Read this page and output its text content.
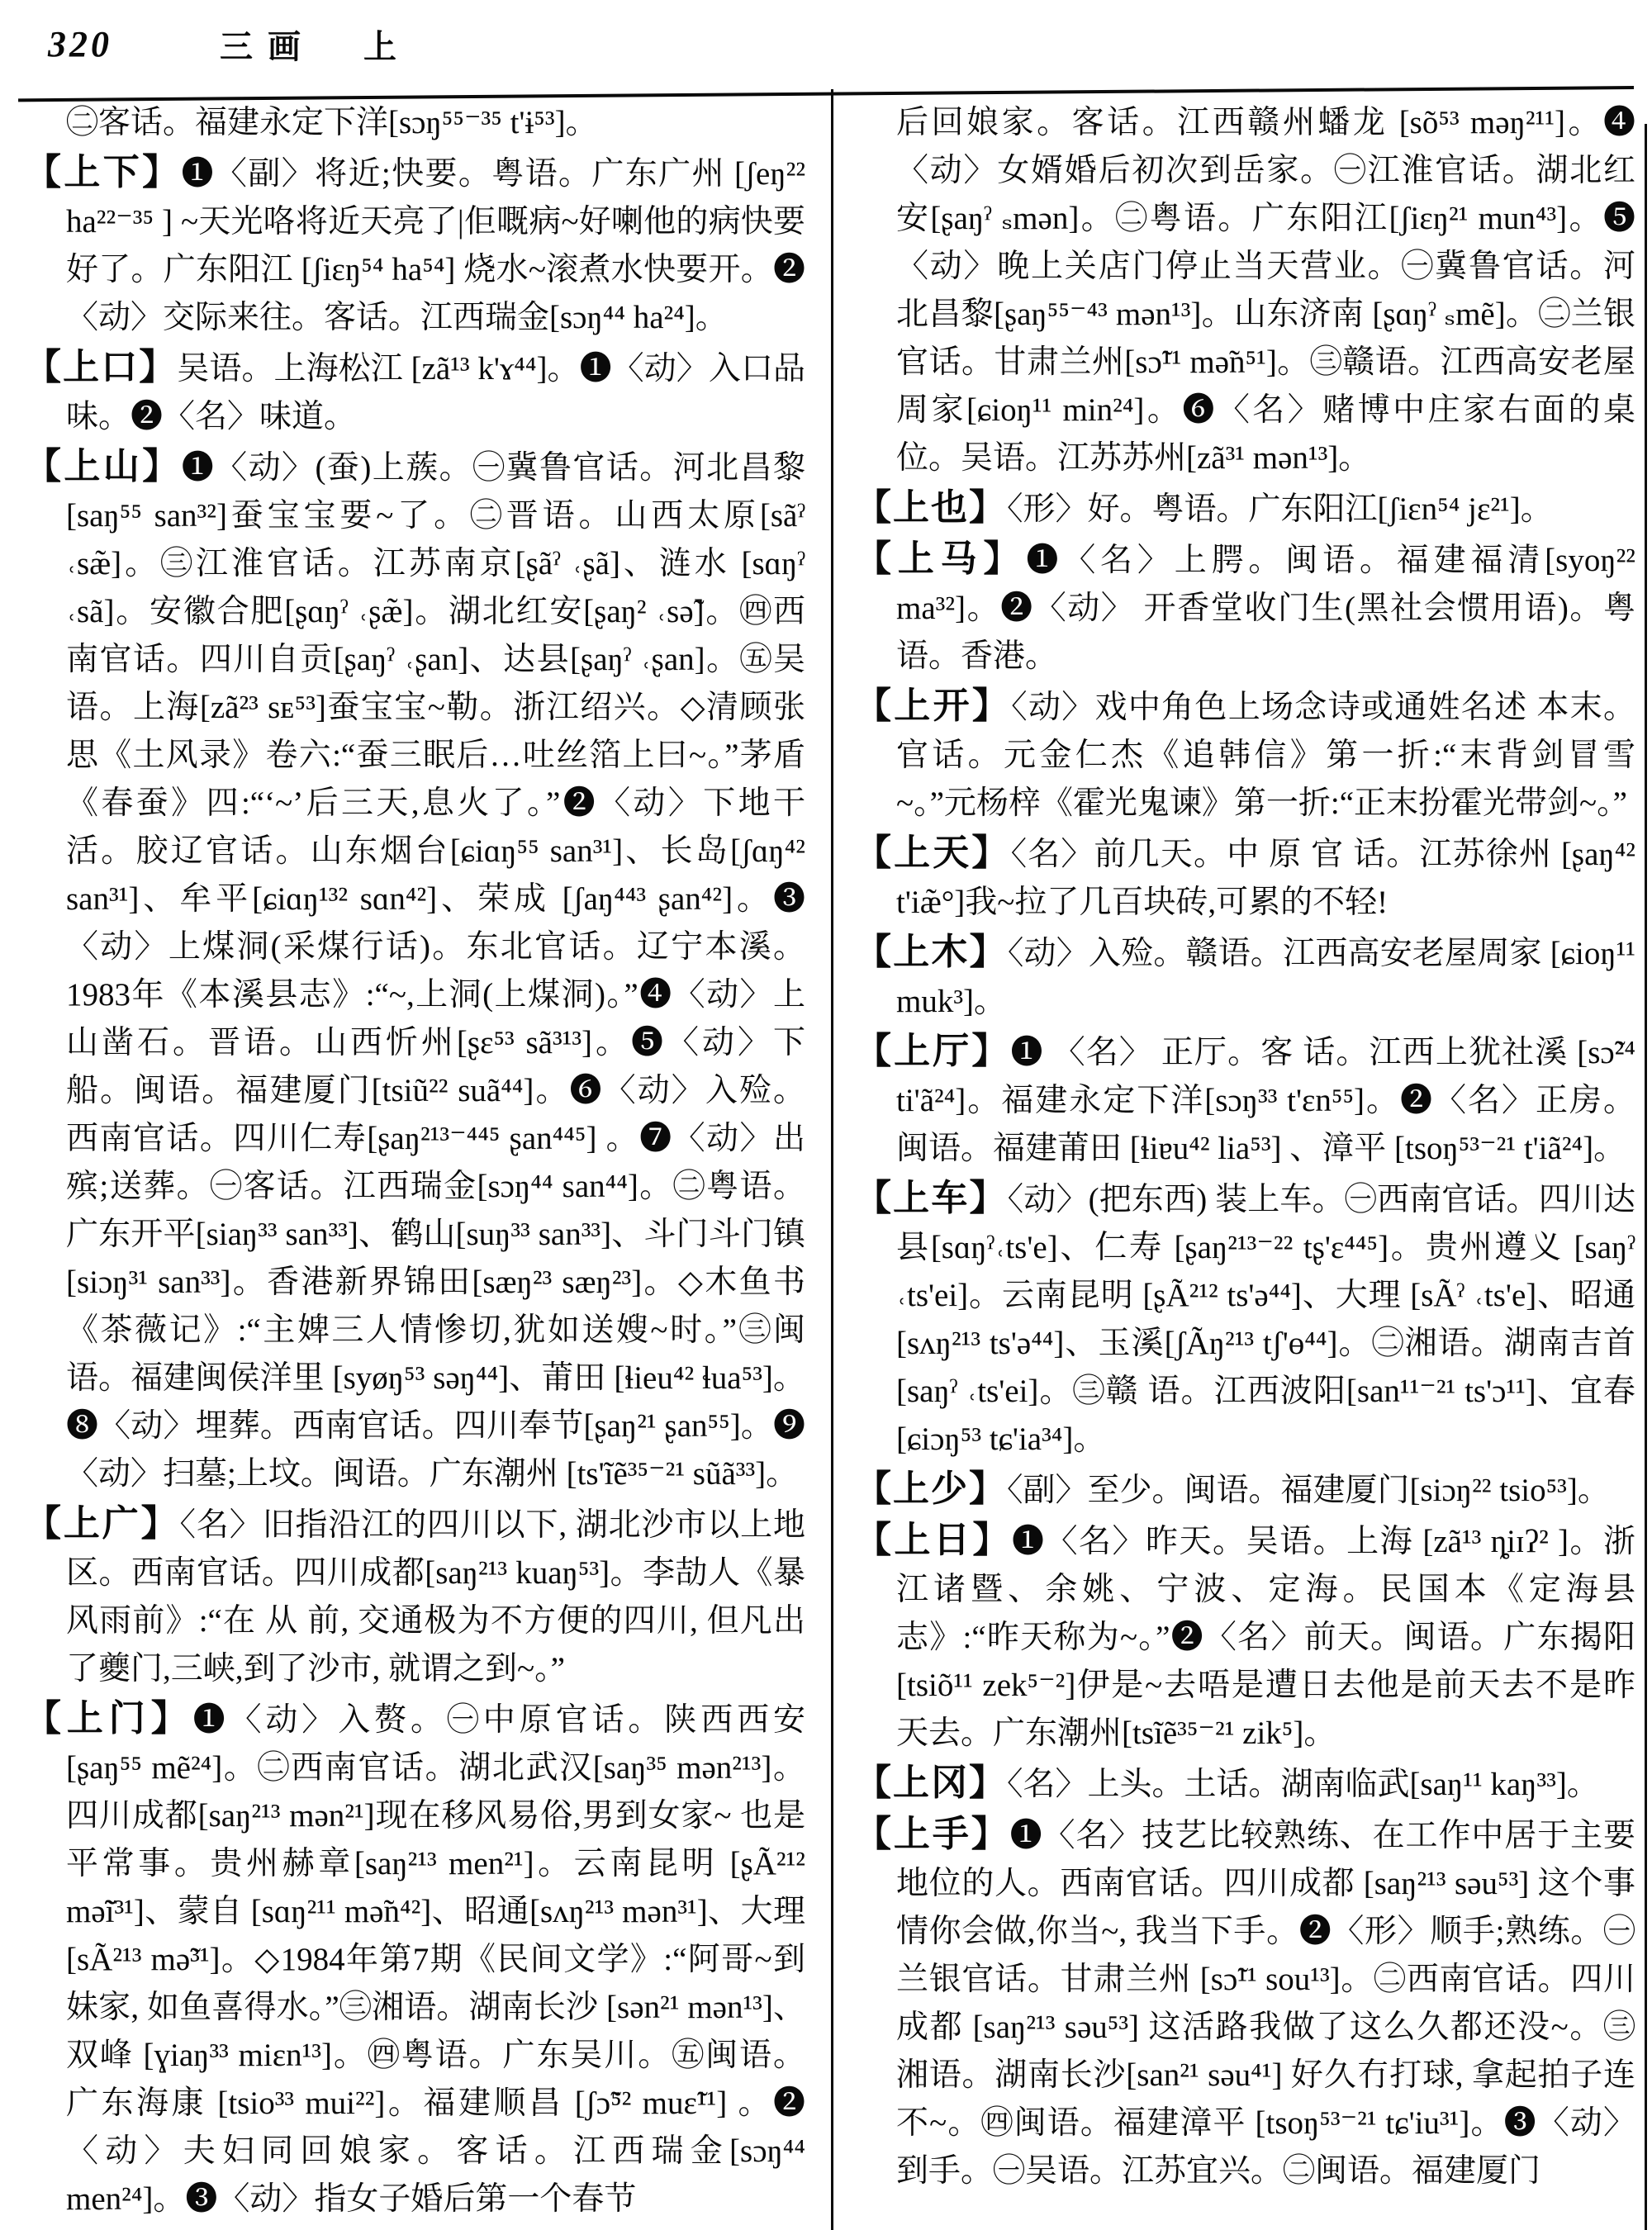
320	三画　上

㊁客话。福建永定下洋[sɔŋ⁵⁵⁻³⁵ t'ɨ⁵³]。

【上下】❶〈副〉将近;快要。粤语。广东广州 [ʃeŋ²² ha²²⁻³⁵ ] ~天光咯将近天亮了|佢嘅病~好喇他的病快要好了。广东阳江 [ʃiɛŋ⁵⁴ ha⁵⁴] 烧水~滚煮水快要开。❷〈动〉交际来往。客话。江西瑞金[sɔŋ⁴⁴ ha²⁴]。

【上口】吴语。上海松江 [zã¹³ k'ɤ⁴⁴]。❶〈动〉入口品味。❷〈名〉味道。

【上山】❶〈动〉(蚕)上蔟。㊀冀鲁官话。河北昌黎[saŋ⁵⁵ san³²]蚕宝宝要~了。㊁晋语。山西太原[sãˀ ˓sæ̃]。㊂江淮官话。江苏南京[ʂãˀ ˓ʂã]、涟水 [sɑŋˀ ˓sã]。安徽合肥[ʂɑŋˀ ˓ʂæ̃]。湖北红安[ʂaŋ² ˓sə̃]。㊃西南官话。四川自贡[ʂaŋˀ ˓ʂan]、达县[ʂaŋˀ ˓ʂan]。㊄吴语。上海[zã²³ sᴇ⁵³]蚕宝宝~勒。浙江绍兴。◇清顾张思《土风录》卷六:“蚕三眠后…吐丝箔上曰~。”茅盾《春蚕》四:“‘~’后三天,息火了。”❷〈动〉下地干活。胶辽官话。山东烟台[ɕiɑŋ⁵⁵ san³¹]、长岛[ʃɑŋ⁴² san³¹]、牟平[ɕiɑŋ¹³² sɑn⁴²]、荣成 [ʃaŋ⁴⁴³ ʂan⁴²]。❸〈动〉上煤洞(采煤行话)。东北官话。辽宁本溪。1983年《本溪县志》:“~,上洞(上煤洞)。”❹〈动〉上山凿石。晋语。山西忻州[ʂɛ⁵³ sã³¹³]。❺〈动〉下船。闽语。福建厦门[tsiũ²² suã⁴⁴]。❻〈动〉入殓。西南官话。四川仁寿[ʂaŋ²¹³⁻⁴⁴⁵ ʂan⁴⁴⁵] 。❼〈动〉出殡;送葬。㊀客话。江西瑞金[sɔŋ⁴⁴ san⁴⁴]。㊁粤语。广东开平[siaŋ³³ san³³]、鹤山[suŋ³³ san³³]、斗门斗门镇[siɔŋ³¹ san³³]。香港新界锦田[sæŋ²³ sæŋ²³]。◇木鱼书《茶薇记》:“主婢三人情惨切,犹如送嫂~时。”㊂闽语。福建闽侯洋里 [syøŋ⁵³ səŋ⁴⁴]、莆田 [ɬieu⁴² ɬua⁵³]。❽〈动〉埋葬。西南官话。四川奉节[ʂaŋ²¹ ʂan⁵⁵]。❾〈动〉扫墓;上坟。闽语。广东潮州 [ts'ĩẽ³⁵⁻²¹ sũã³³]。

【上广】〈名〉旧指沿江的四川以下, 湖北沙市以上地区。西南官话。四川成都[saŋ²¹³ kuaŋ⁵³]。李劼人《暴风雨前》:“在 从 前, 交通极为不方便的四川, 但凡出了夔门,三峡,到了沙市, 就谓之到~。”

【上门】❶〈动〉入赘。㊀中原官话。陕西西安 [ʂaŋ⁵⁵ mẽ²⁴]。㊁西南官话。湖北武汉[saŋ³⁵ mən²¹³]。四川成都[saŋ²¹³ mən²¹]现在移风易俗,男到女家~ 也是平常事。贵州赫章[saŋ²¹³ men²¹]。云南昆明 [ʂÃ²¹² mə̃ĩ³¹]、蒙自 [sɑŋ²¹¹ mə̃n⁴²]、昭通[sʌŋ²¹³ mən³¹]、大理[sÃ²¹³ mə̃³¹]。◇1984年第7期《民间文学》:“阿哥~到妹家, 如鱼喜得水。”㊂湘语。湖南长沙 [sən²¹ mən¹³]、双峰 [ɣiaŋ³³ miɛn¹³]。㊃粤语。广东吴川。㊄闽语。广东海康 [tsio³³ mui²²]。福建顺昌 [ʃɔ̃⁵² muɛ̃¹¹] 。❷〈动〉夫妇同回娘家。客话。江西瑞金[sɔŋ⁴⁴ men²⁴]。❸〈动〉指女子婚后第一个春节

后回娘家。客话。江西赣州蟠龙 [sõ⁵³ məŋ²¹¹]。❹〈动〉女婿婚后初次到岳家。㊀江淮官话。湖北红安[ʂaŋˀ ₛmən]。㊁粤语。广东阳江[ʃiɛŋ²¹ mun⁴³]。❺〈动〉晚上关店门停止当天营业。㊀冀鲁官话。河北昌黎[ʂaŋ⁵⁵⁻⁴³ mən¹³]。山东济南 [ʂɑŋˀ ₛmẽ]。㊁兰银官话。甘肃兰州[sɔ̃¹¹ mə̃n⁵¹]。㊂赣语。江西高安老屋周家[ɕioŋ¹¹ min²⁴]。❻〈名〉赌博中庄家右面的桌位。吴语。江苏苏州[zã³¹ mən¹³]。

【上也】〈形〉好。粤语。广东阳江[ʃiɛn⁵⁴ jɛ²¹]。

【上马】❶〈名〉上腭。闽语。福建福清[syoŋ²² ma³²]。❷〈动〉 开香堂收门生(黑社会惯用语)。粤语。香港。

【上开】〈动〉戏中角色上场念诗或通姓名述 本末。官话。元金仁杰《追韩信》第一折:“末背剑冒雪~。”元杨梓《霍光鬼谏》第一折:“正末扮霍光带剑~。”

【上天】〈名〉前几天。中 原 官 话。江苏徐州 [ʂaŋ⁴² t'iæ̃°]我~拉了几百块砖,可累的不轻!

【上木】〈动〉入殓。赣语。江西高安老屋周家 [ɕioŋ¹¹ muk³]。

【上厅】❶ 〈名〉 正厅。客 话。江西上犹社溪 [sɔ̃²⁴ ti'ã²⁴]。福建永定下洋[sɔŋ³³ t'ɛn⁵⁵]。❷〈名〉正房。闽语。福建莆田 [ɬiɐu⁴² lia⁵³] 、漳平 [tsoŋ⁵³⁻²¹ t'iã²⁴]。

【上车】〈动〉(把东西) 装上车。㊀西南官话。四川达县[sɑŋˀ˓ts'e]、仁寿 [ʂaŋ²¹³⁻²² tʂ'ɛ⁴⁴⁵]。贵州遵义 [saŋˀ ˓ts'ei]。云南昆明 [ʂÃ²¹² ts'ə⁴⁴]、大理 [sÃˀ ˓ts'e]、昭通[sʌŋ²¹³ ts'ə⁴⁴]、玉溪[ʃÃŋ²¹³ tʃ'ɵ⁴⁴]。㊁湘语。湖南吉首 [saŋˀ ˓ts'ei]。㊂赣 语。江西波阳[san¹¹⁻²¹ ts'ɔ¹¹]、宜春[ɕiɔŋ⁵³ tɕ'ia³⁴]。

【上少】〈副〉至少。闽语。福建厦门[siɔŋ²² tsio⁵³]。

【上日】❶〈名〉昨天。吴语。上海 [zã¹³ ȵiɪʔ² ]。浙江诸暨、余姚、宁波、定海。民国本《定海县志》:“昨天称为~。”❷〈名〉前天。闽语。广东揭阳 [tsiõ¹¹ zek⁵⁻²]伊是~去唔是遭日去他是前天去不是昨天去。广东潮州[tsĩẽ³⁵⁻²¹ zik⁵]。

【上冈】〈名〉上头。土话。湖南临武[saŋ¹¹ kaŋ³³]。

【上手】❶〈名〉技艺比较熟练、在工作中居于主要地位的人。西南官话。四川成都 [saŋ²¹³ səu⁵³] 这个事情你会做,你当~, 我当下手。❷〈形〉顺手;熟练。㊀兰银官话。甘肃兰州 [sɔ̃¹¹ sou¹³]。㊁西南官话。四川成都 [saŋ²¹³ səu⁵³] 这活路我做了这么久都还没~。㊂湘语。湖南长沙[san²¹ səu⁴¹] 好久冇打球, 拿起拍子连不~。㊃闽语。福建漳平 [tsoŋ⁵³⁻²¹ tɕ'iu³¹]。❸〈动〉到手。㊀吴语。江苏宜兴。㊁闽语。福建厦门
